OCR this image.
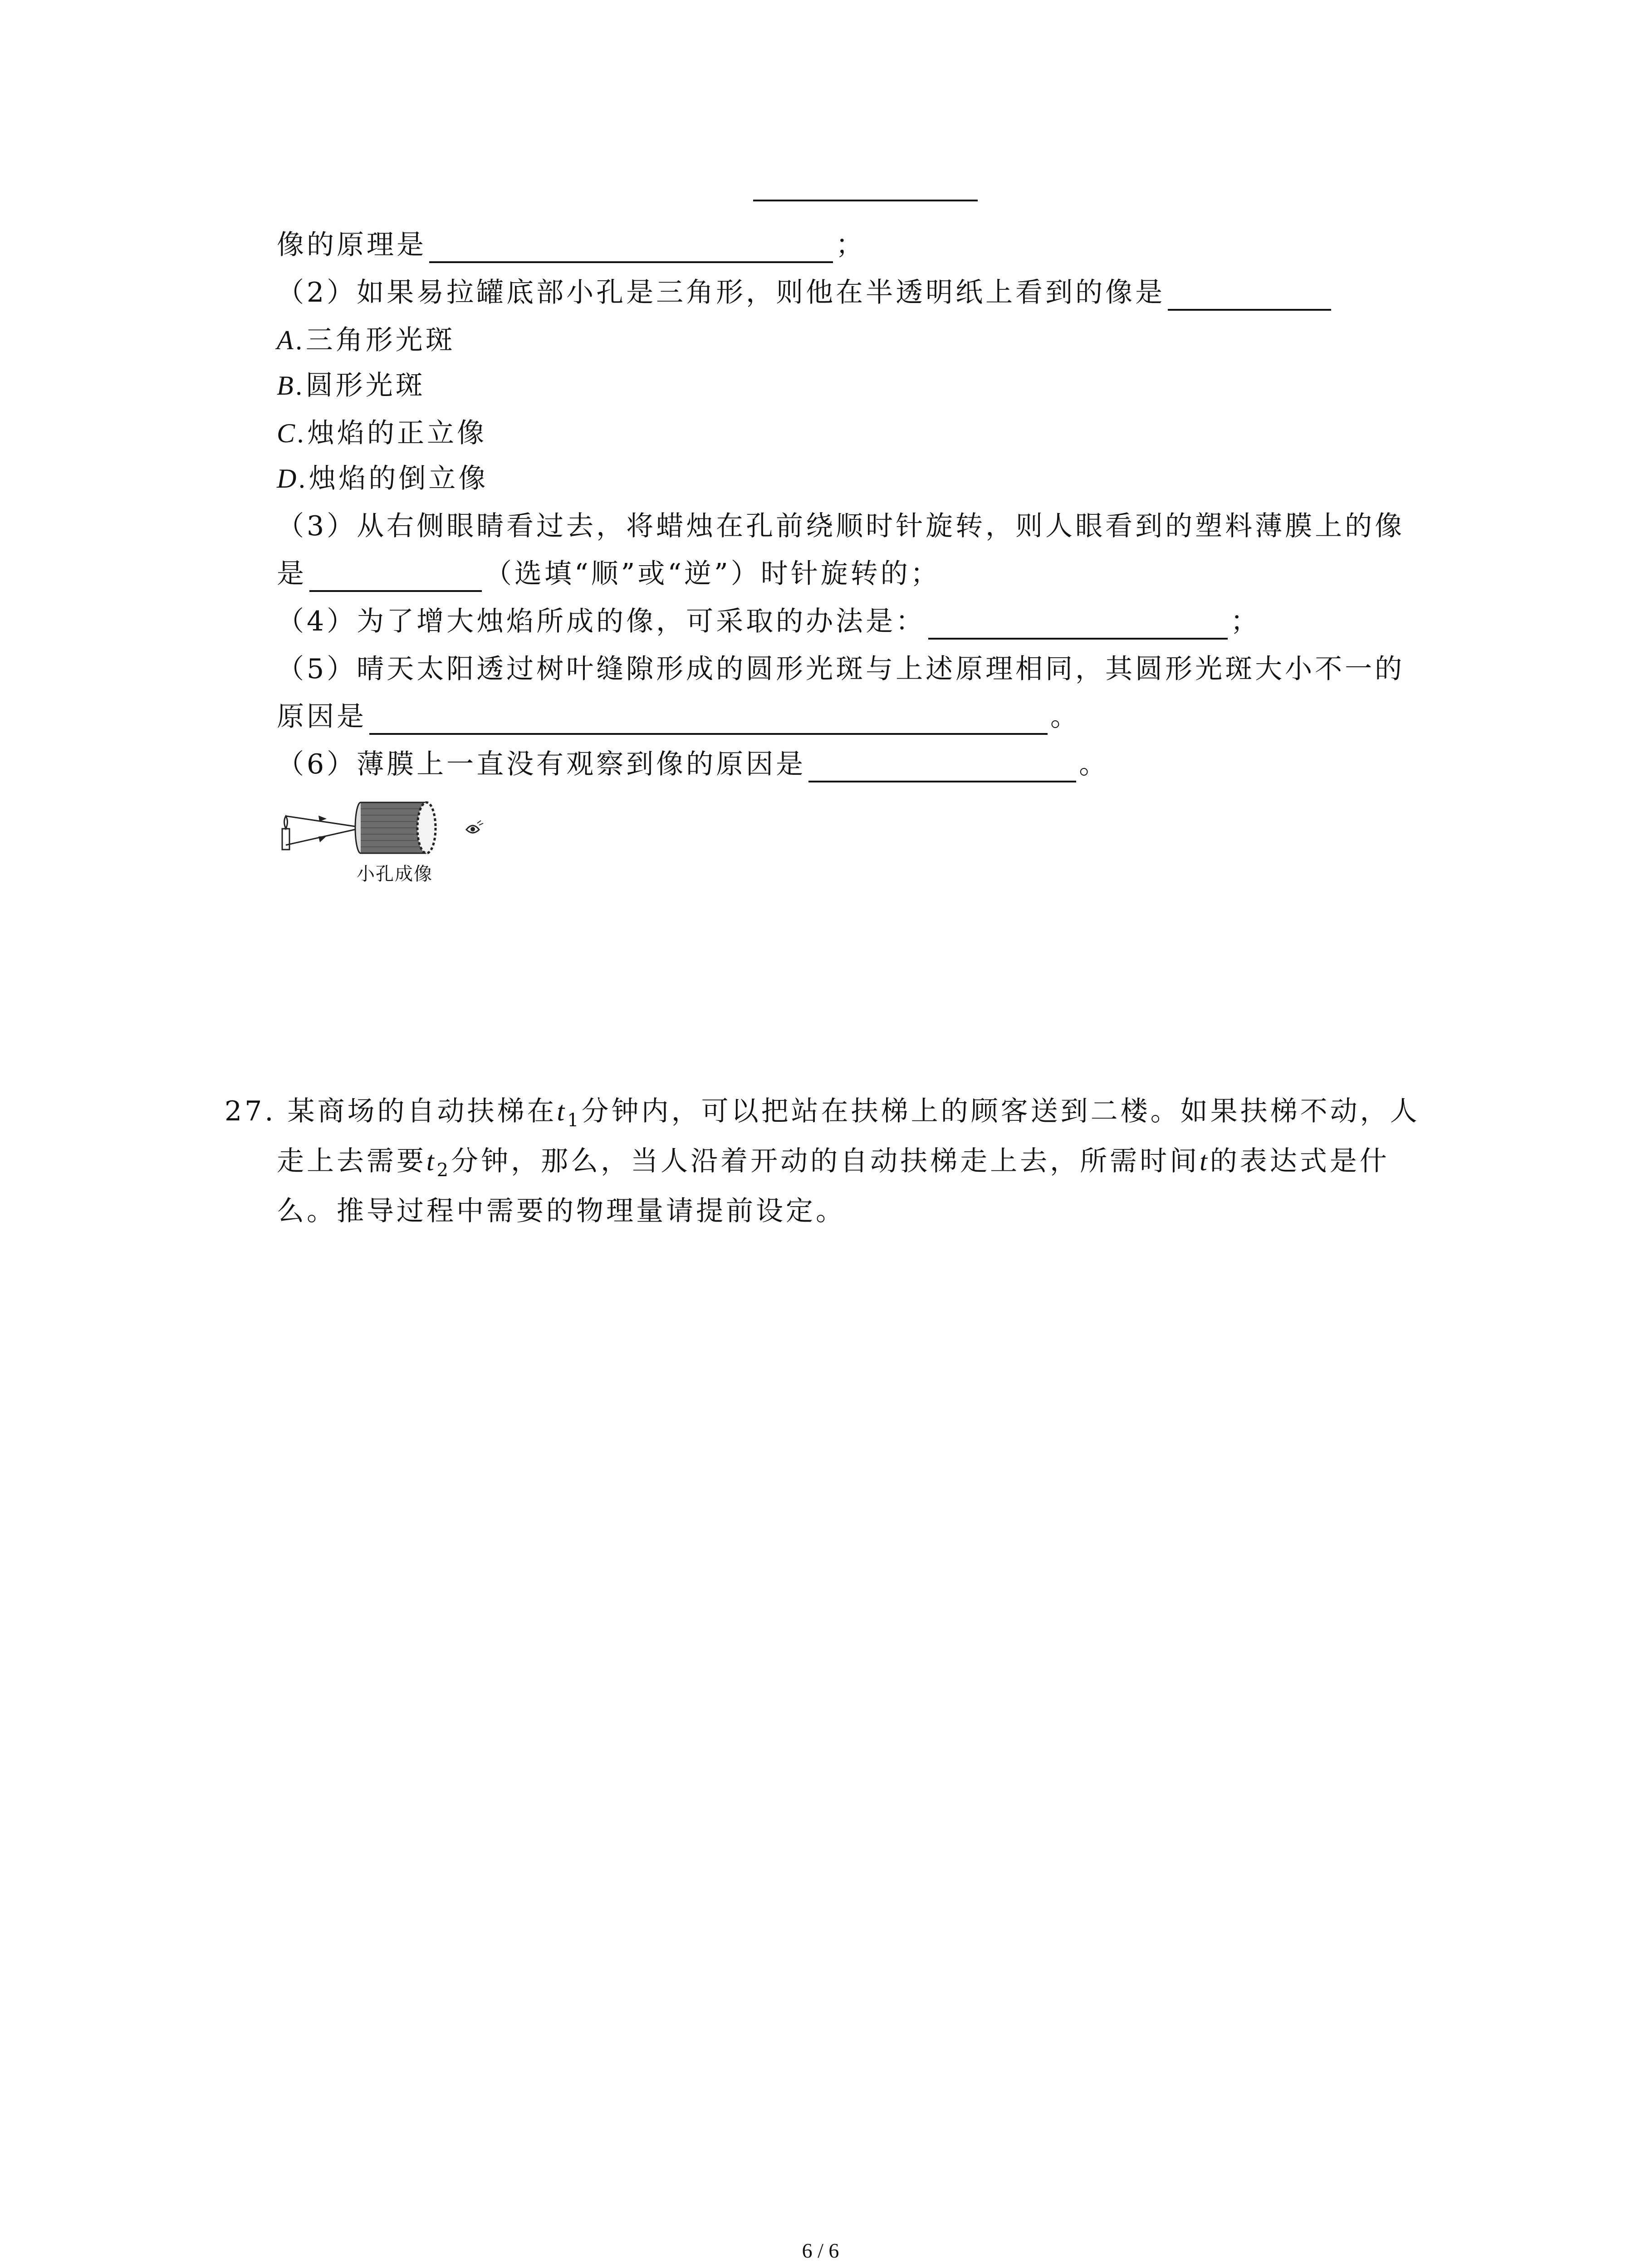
像的原理是	；
（2）如果易拉罐底部小孔是三角形，则他在半透明纸上看到的像是
A.三角形光斑
B.圆形光斑
C.烛焰的正立像
D.烛焰的倒立像
（3）从右侧眼睛看过去，将蜡烛在孔前绕顺时针旋转，则人眼看到的塑料薄膜上的像
是	（选填“顺”或“逆”）时针旋转的；
（4）为了增大烛焰所成的像，可采取的办法是：	；
（5）晴天太阳透过树叶缝隙形成的圆形光斑与上述原理相同，其圆形光斑大小不一的
原因是	。
（6）薄膜上一直没有观察到像的原因是	。
小孔成像
27. 某商场的自动扶梯在$t_1$分钟内，可以把站在扶梯上的顾客送到二楼。如果扶梯不动，人
走上去需要$t_2$分钟，那么，当人沿着开动的自动扶梯走上去，所需时间t的表达式是什
么。推导过程中需要的物理量请提前设定。
6 / 6
